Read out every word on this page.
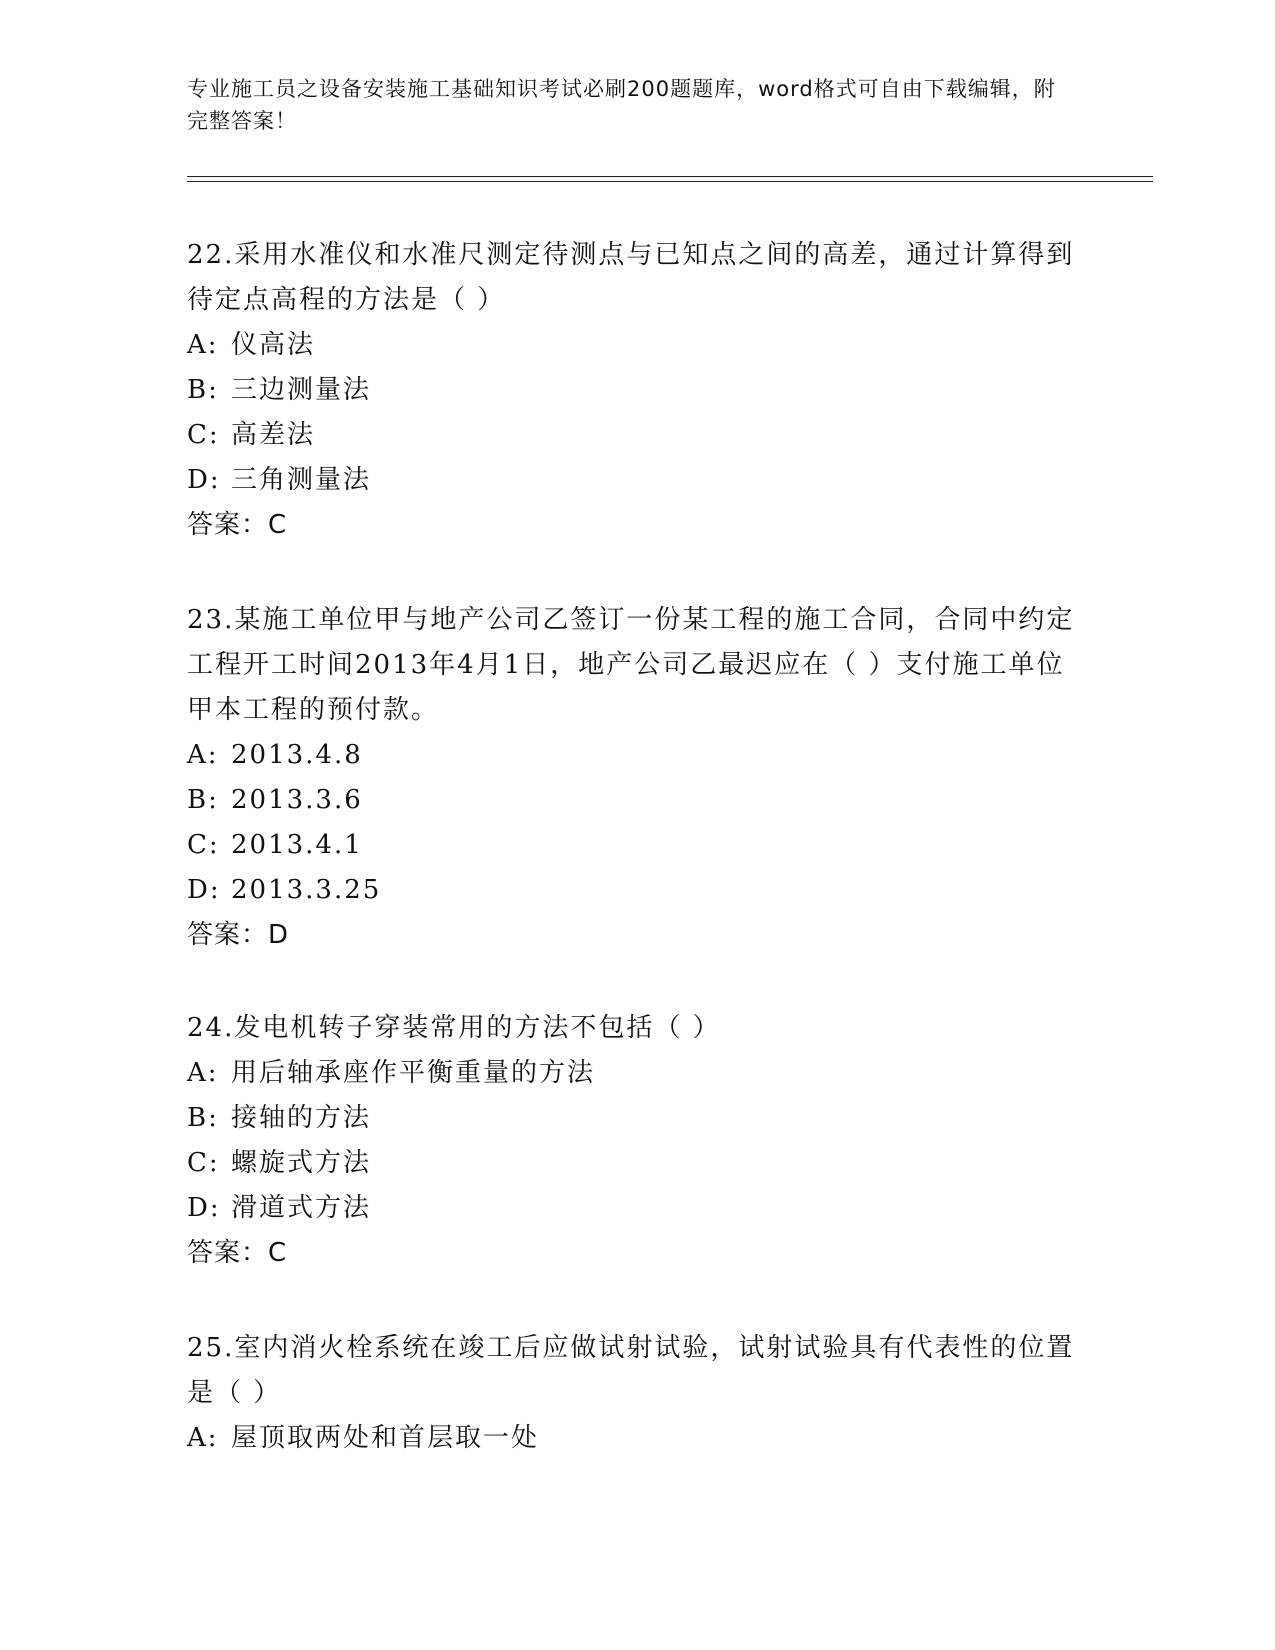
专业施工员之设备安装施工基础知识考试必刷200题题库，word格式可自由下载编辑，附完整答案！

22.采用水准仪和水准尺测定待测点与已知点之间的高差，通过计算得到待定点高程的方法是（ ）

A: 仪高法

B: 三边测量法

C: 高差法

D: 三角测量法

答案：C

23.某施工单位甲与地产公司乙签订一份某工程的施工合同，合同中约定工程开工时间2013年4月1日，地产公司乙最迟应在（ ）支付施工单位甲本工程的预付款。

A: 2013.4.8

B: 2013.3.6

C: 2013.4.1

D: 2013.3.25

答案：D

24.发电机转子穿装常用的方法不包括（ ）

A: 用后轴承座作平衡重量的方法

B: 接轴的方法

C: 螺旋式方法

D: 滑道式方法

答案：C

25.室内消火栓系统在竣工后应做试射试验，试射试验具有代表性的位置是（ ）

A: 屋顶取两处和首层取一处
